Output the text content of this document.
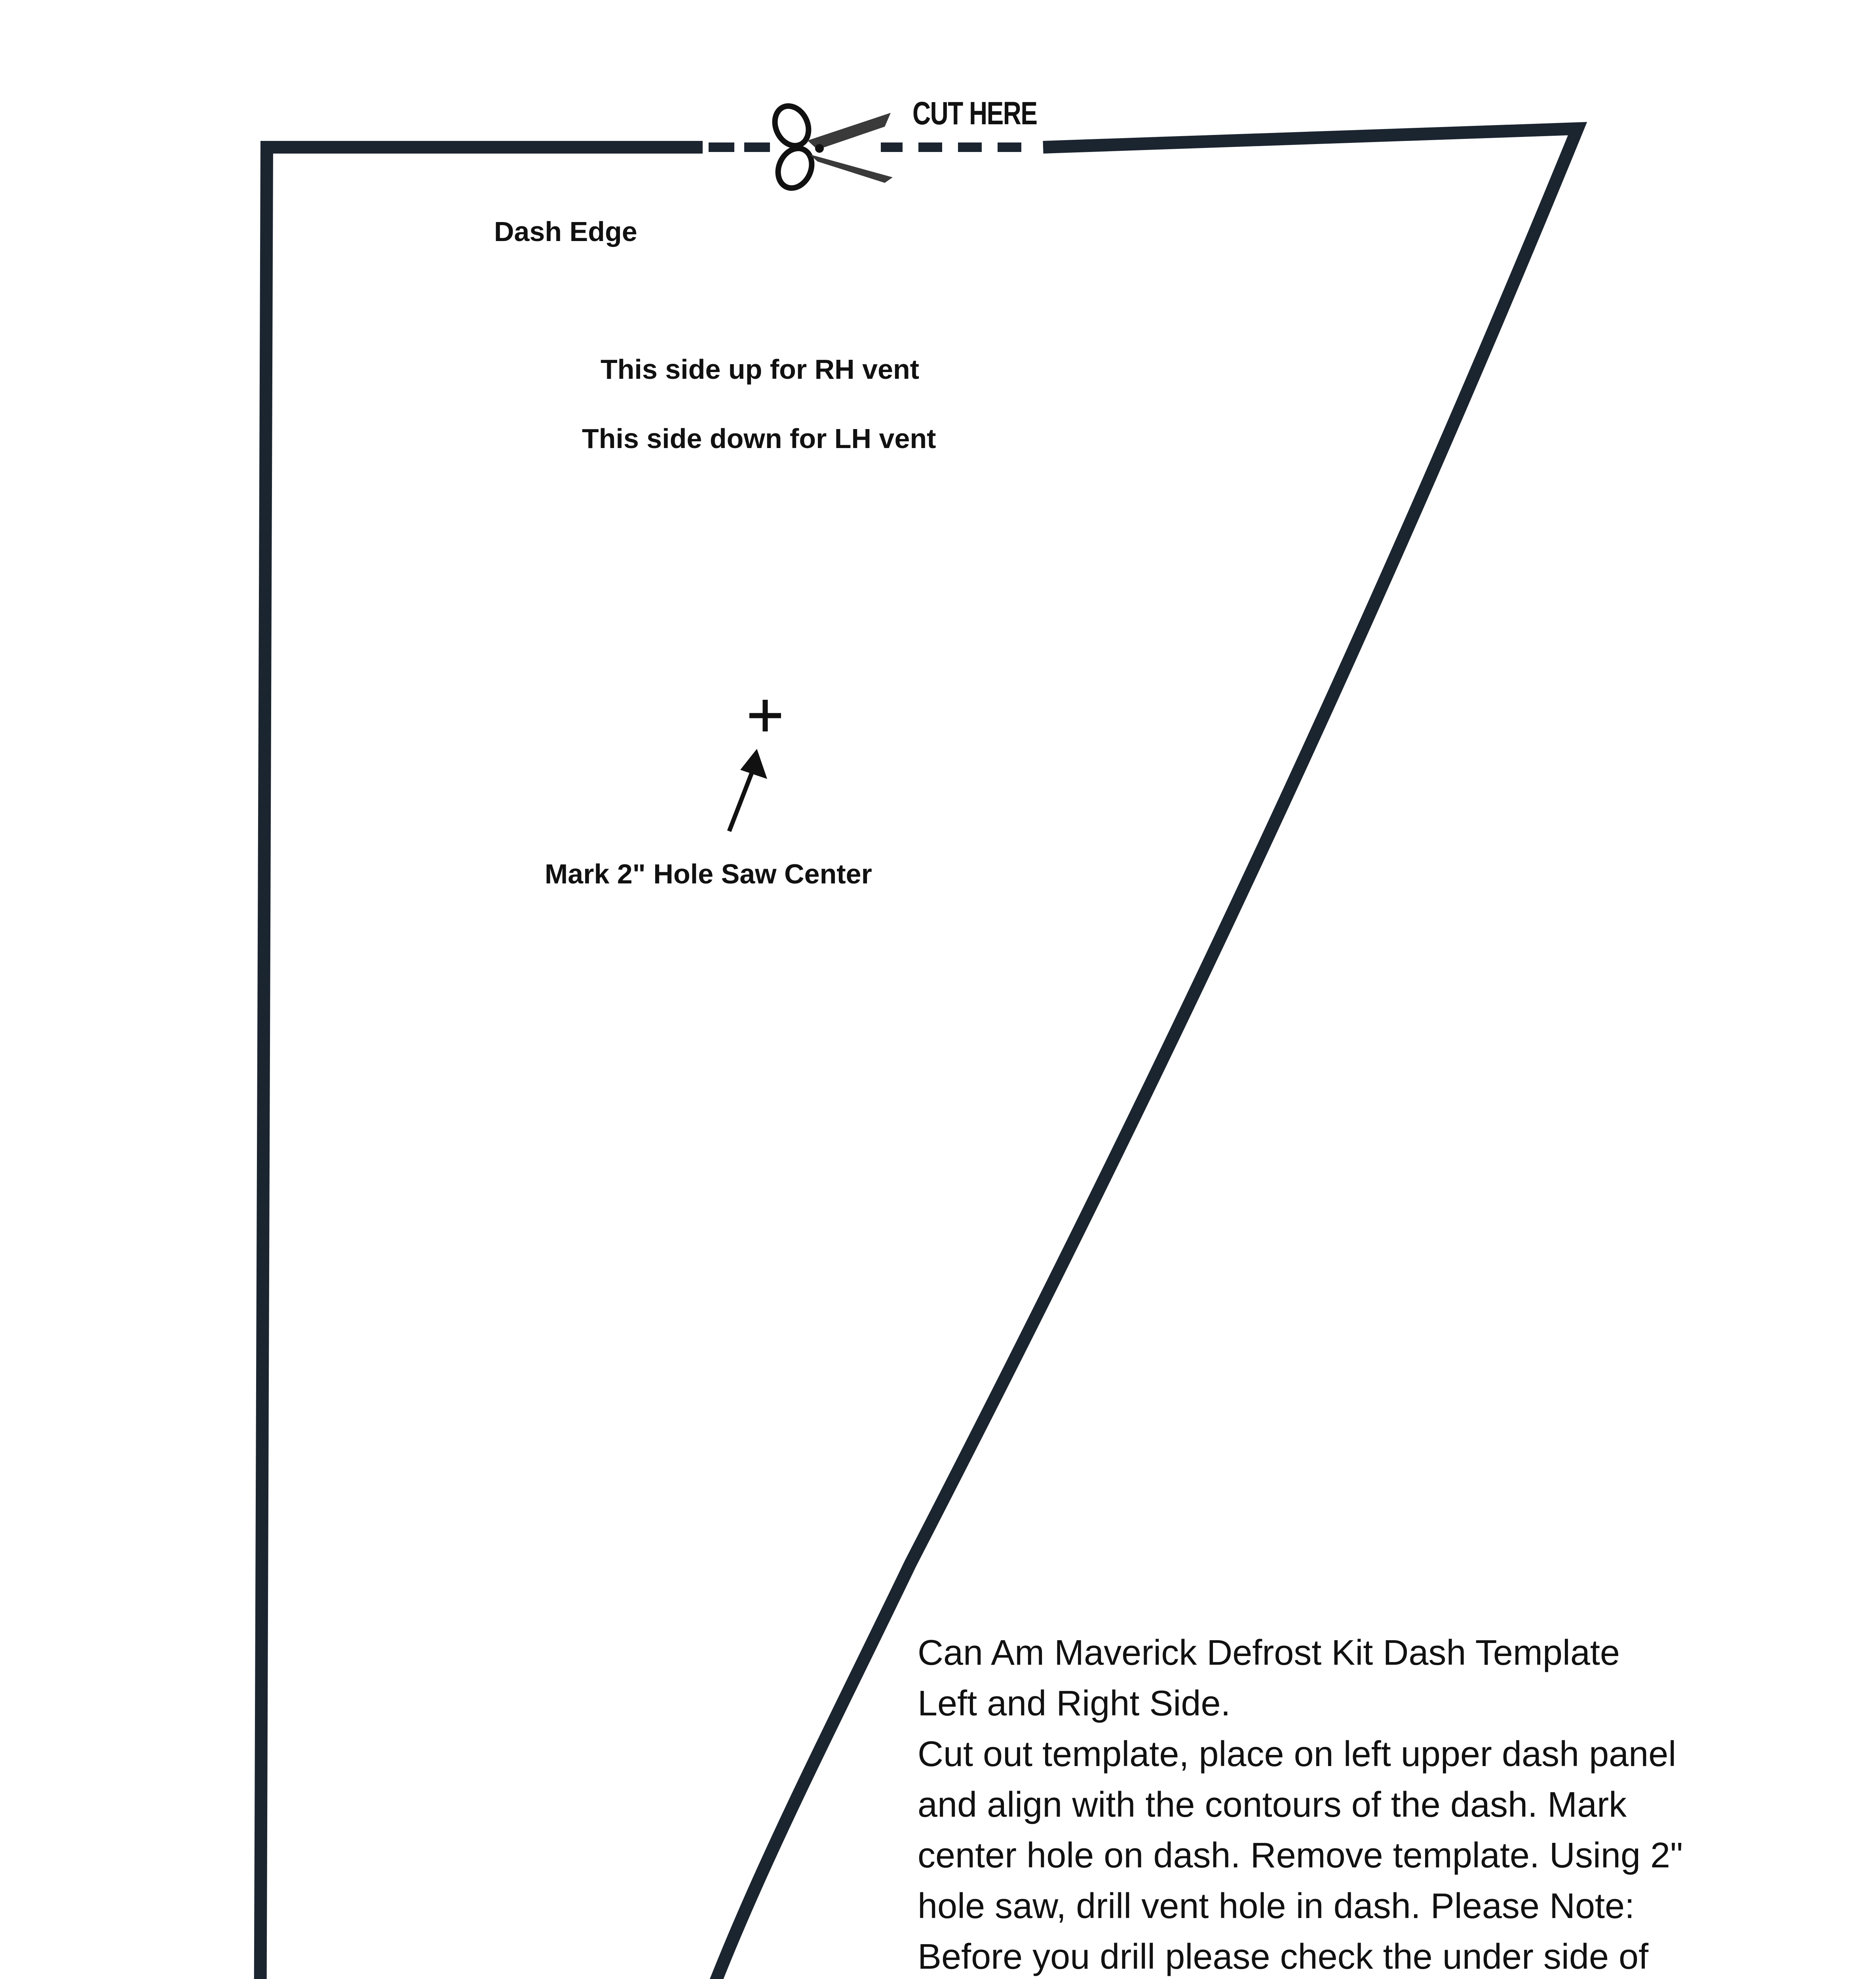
CUT HERE
Dash Edge
This side up for RH vent
This side down for LH vent
Mark 2" Hole Saw Center
Can Am Maverick Defrost Kit Dash Template
Left and Right Side.
Cut out template, place on left upper dash panel
and align with the contours of the dash. Mark
center hole on dash. Remove template. Using 2"
hole saw, drill vent hole in dash. Please Note:
Before you drill please check the under side of
